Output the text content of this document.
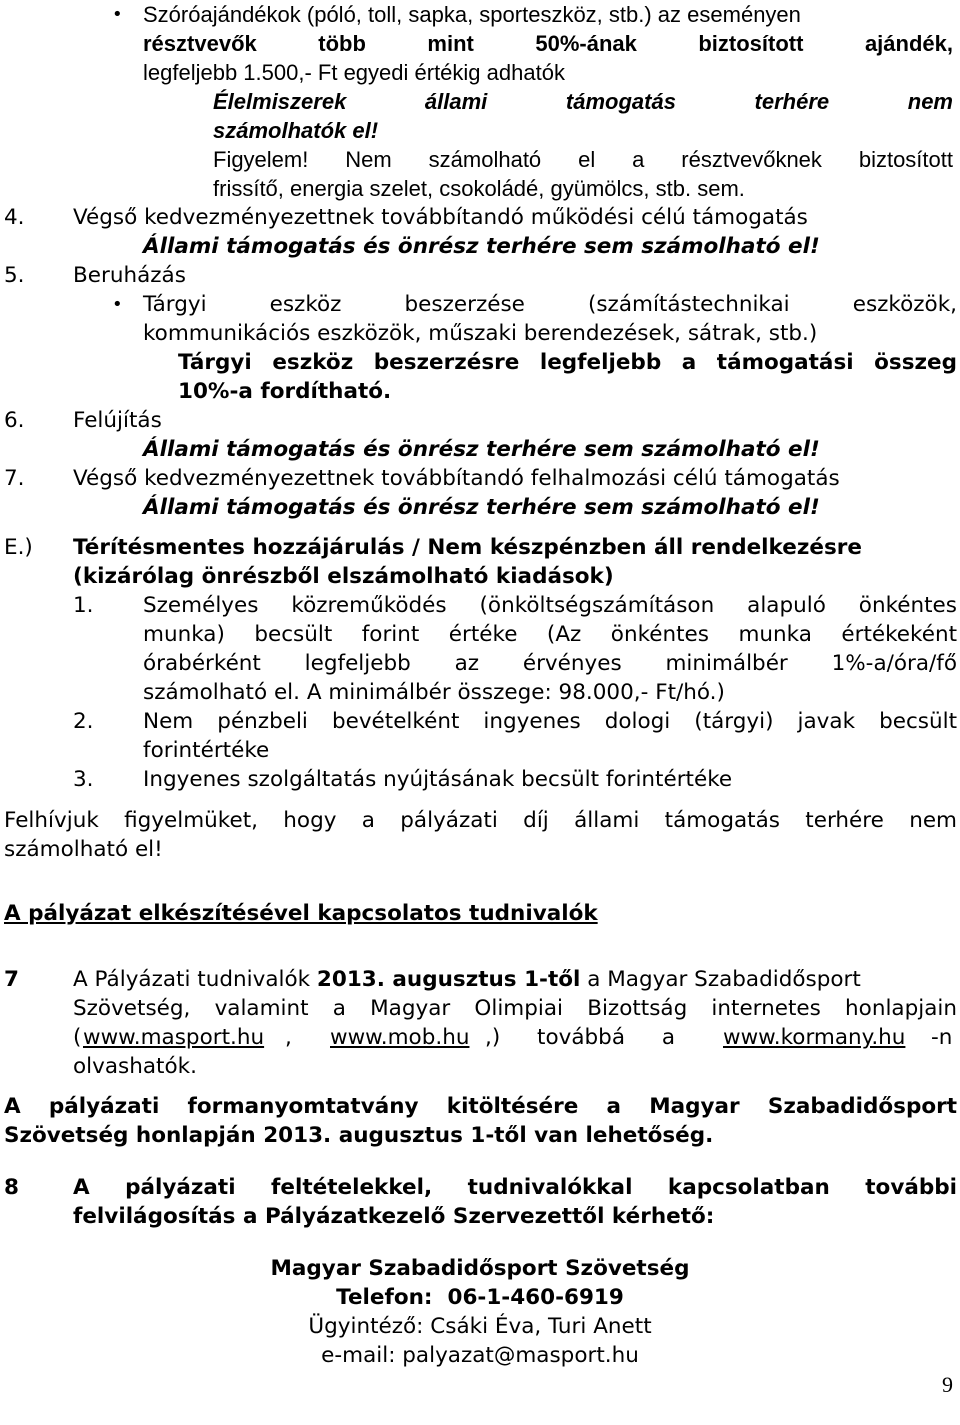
• Szóróajándékok (póló, toll, sapka, sporteszköz, stb.) az eseményen
résztvevők több mint 50%-ának biztosított ajándék,
legfeljebb 1.500,- Ft egyedi értékig adhatók
Élelmiszerek állami támogatás terhére nem
számolhatók el!
Figyelem! Nem számolható el a résztvevőknek biztosított
frissítő, energia szelet, csokoládé, gyümölcs, stb. sem.
4. Végső kedvezményezettnek továbbítandó működési célú támogatás
Állami támogatás és önrész terhére sem számolható el!
5. Beruházás
• Tárgyi eszköz beszerzése (számítástechnikai eszközök,
kommunikációs eszközök, műszaki berendezések, sátrak, stb.)
Tárgyi eszköz beszerzésre legfeljebb a támogatási összeg
10%-a fordítható.
6. Felújítás
Állami támogatás és önrész terhére sem számolható el!
7. Végső kedvezményezettnek továbbítandó felhalmozási célú támogatás
Állami támogatás és önrész terhére sem számolható el!
E.) Térítésmentes hozzájárulás / Nem készpénzben áll rendelkezésre
(kizárólag önrészből elszámolható kiadások)
1. Személyes közreműködés (önköltségszámításon alapuló önkéntes
munka) becsült forint értéke (Az önkéntes munka értékeként
órabérként legfeljebb az érvényes minimálbér 1%-a/óra/fő
számolható el. A minimálbér összege: 98.000,- Ft/hó.)
2. Nem pénzbeli bevételként ingyenes dologi (tárgyi) javak becsült
forintértéke
3. Ingyenes szolgáltatás nyújtásának becsült forintértéke
Felhívjuk figyelmüket, hogy a pályázati díj állami támogatás terhére nem
számolható el!
A pályázat elkészítésével kapcsolatos tudnivalók
7	A Pályázati tudnivalók 2013. augusztus 1-től a Magyar Szabadidősport
Szövetség, valamint a Magyar Olimpiai Bizottság internetes honlapjain
( www.masport.hu , www.mob.hu ,) továbbá a www.kormany.hu -n
olvashatók.
A pályázati formanyomtatvány kitöltésére a Magyar Szabadidősport
Szövetség honlapján 2013. augusztus 1-től van lehetőség.
8	A pályázati feltételekkel, tudnivalókkal kapcsolatban további
felvilágosítás a Pályázatkezelő Szervezettől kérhető:
Magyar Szabadidősport Szövetség
Telefon:  06-1-460-6919
Ügyintéző: Csáki Éva, Turi Anett
e-mail: palyazat@masport.hu
9
